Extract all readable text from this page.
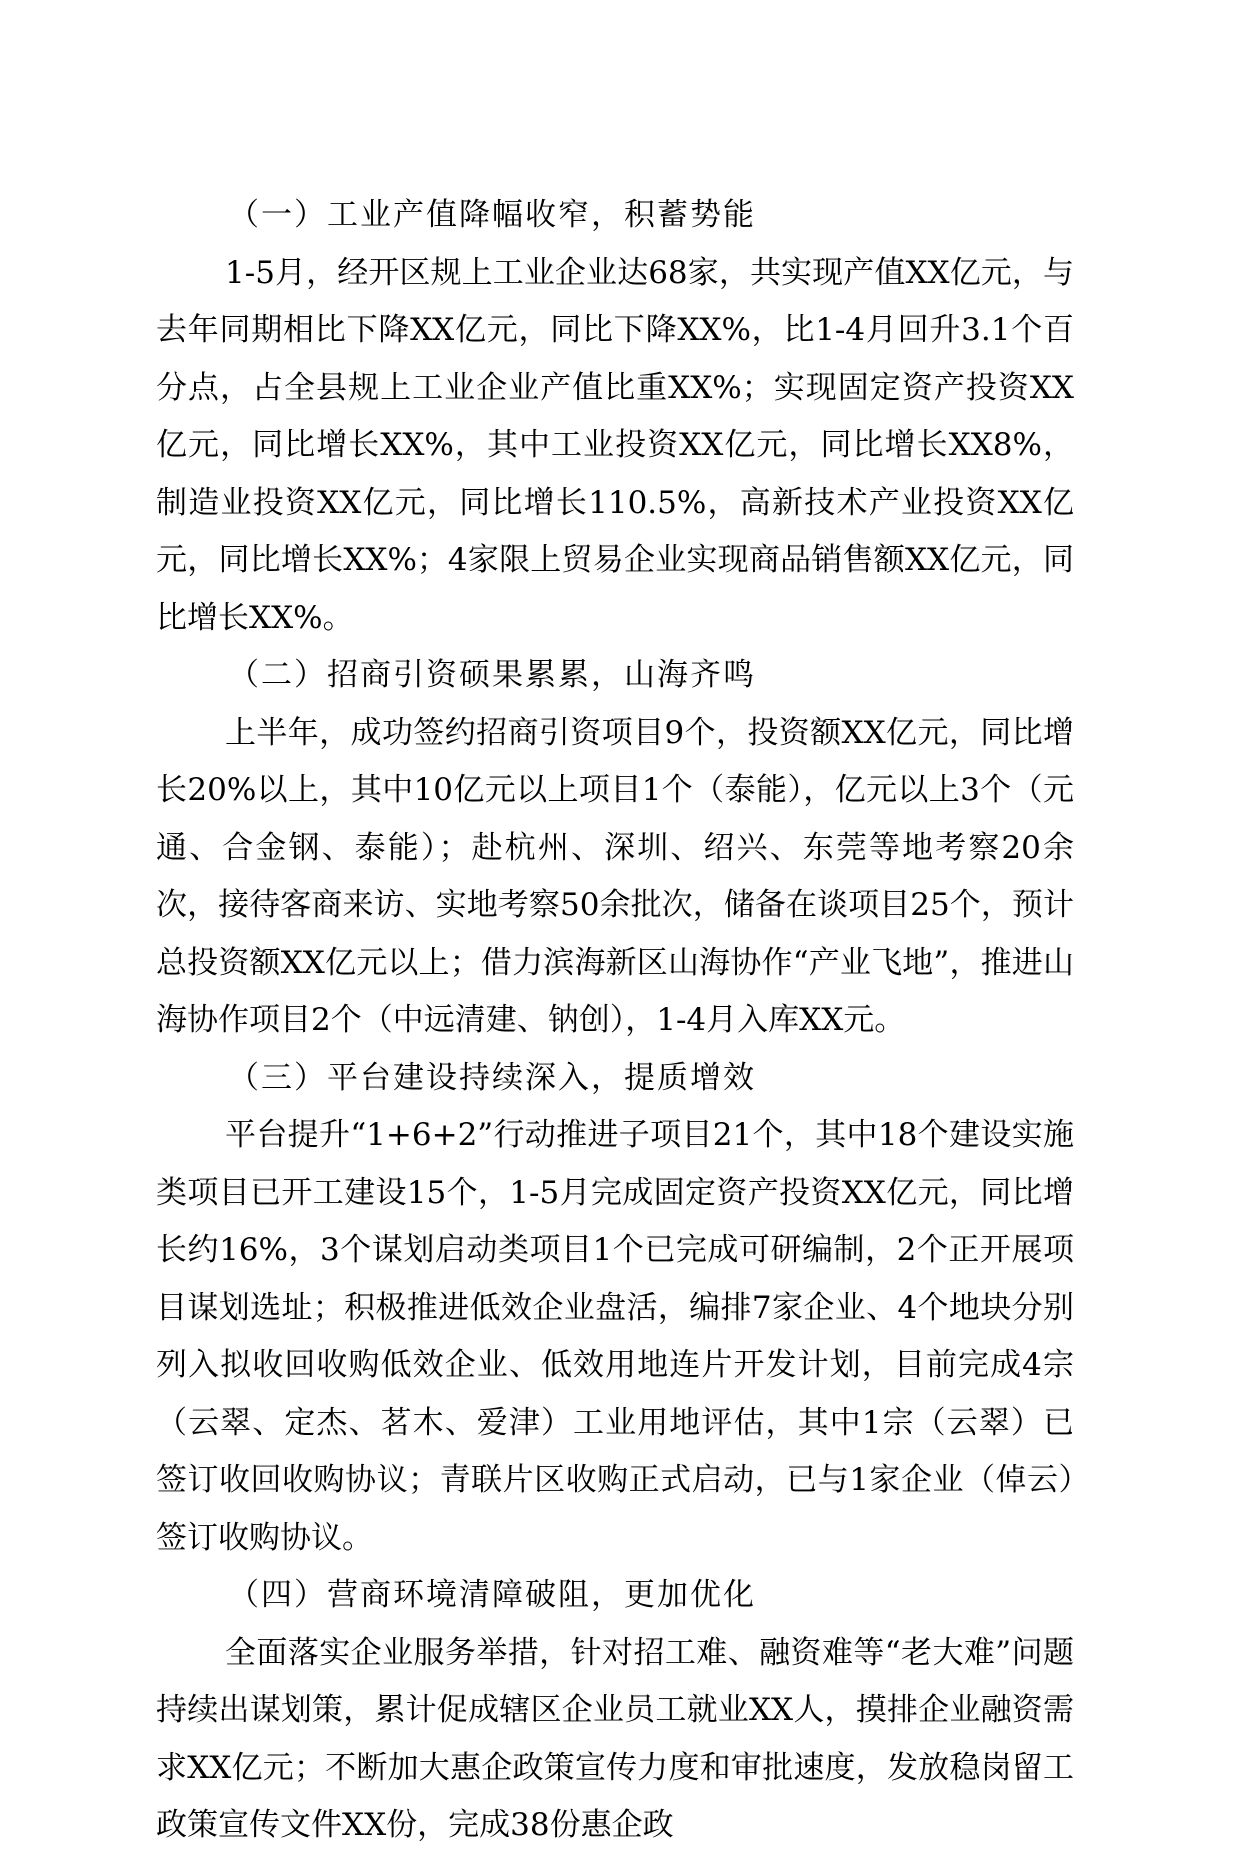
（一）工业产值降幅收窄，积蓄势能

1-5月，经开区规上工业企业达68家，共实现产值XX亿元，与去年同期相比下降XX亿元，同比下降XX%，比1-4月回升3.1个百分点，占全县规上工业企业产值比重XX%；实现固定资产投资XX亿元，同比增长XX%，其中工业投资XX亿元，同比增长XX8%，制造业投资XX亿元，同比增长110.5%，高新技术产业投资XX亿元，同比增长XX%；4家限上贸易企业实现商品销售额XX亿元，同比增长XX%。

（二）招商引资硕果累累，山海齐鸣

上半年，成功签约招商引资项目9个，投资额XX亿元，同比增长20%以上，其中10亿元以上项目1个（泰能），亿元以上3个（元通、合金钢、泰能）；赴杭州、深圳、绍兴、东莞等地考察20余次，接待客商来访、实地考察50余批次，储备在谈项目25个，预计总投资额XX亿元以上；借力滨海新区山海协作“产业飞地”，推进山海协作项目2个（中远清建、钠创），1-4月入库XX元。

（三）平台建设持续深入，提质增效

平台提升“1+6+2”行动推进子项目21个，其中18个建设实施类项目已开工建设15个，1-5月完成固定资产投资XX亿元，同比增长约16%，3个谋划启动类项目1个已完成可研编制，2个正开展项目谋划选址；积极推进低效企业盘活，编排7家企业、4个地块分别列入拟收回收购低效企业、低效用地连片开发计划，目前完成4宗（云翠、定杰、茗木、爱津）工业用地评估，其中1宗（云翠）已签订收回收购协议；青联片区收购正式启动，已与1家企业（倬云）签订收购协议。

（四）营商环境清障破阻，更加优化

全面落实企业服务举措，针对招工难、融资难等“老大难”问题持续出谋划策，累计促成辖区企业员工就业XX人，摸排企业融资需求XX亿元；不断加大惠企政策宣传力度和审批速度，发放稳岗留工政策宣传文件XX份，完成38份惠企政
